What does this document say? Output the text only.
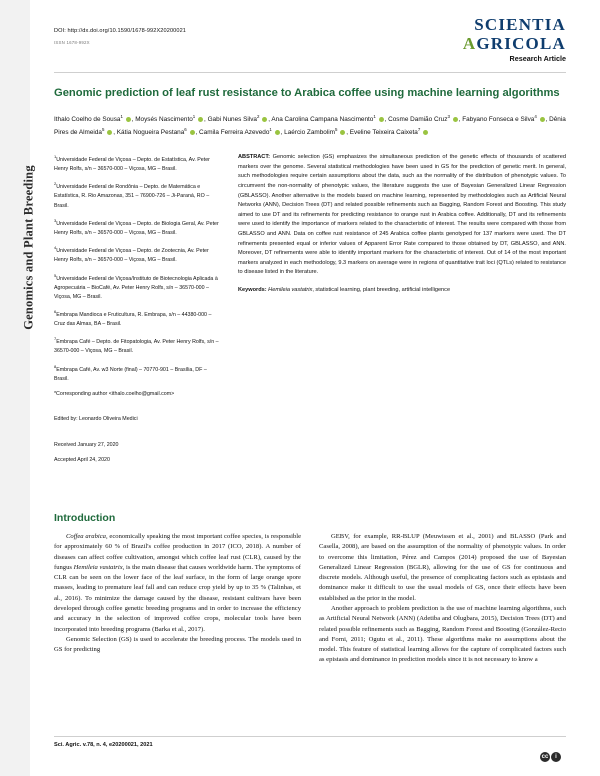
Genomics and Plant Breeding
DOI: http://dx.doi.org/10.1590/1678-992X20200021
ISSN 1678-992X
SCIENTIA
AGRICOLA
Research Article
Genomic prediction of leaf rust resistance to Arabica coffee using machine learning algorithms
Ithalo Coelho de Sousa$^1$ , Moysés Nascimento$^1$ , Gabi Nunes Silva$^2$ , Ana Carolina Campana Nascimento$^1$ , Cosme Damião Cruz$^3$ , Fabyano Fonseca e Silva$^4$ , Dênia Pires de Almeida$^5$ , Kátia Nogueira Pestana$^6$ , Camila Ferreira Azevedo$^1$ , Laércio Zambolim$^5$ , Eveline Teixeira Caixeta$^7$

$^1$Universidade Federal de Viçosa – Depto. de Estatística, Av. Peter Henry Rolfs, s/n – 36570-000 – Viçosa, MG – Brasil.

$^2$Universidade Federal de Rondônia – Depto. de Matemática e Estatística, R. Rio Amazonas, 351 – 76900-726 – Ji-Paraná, RO – Brasil.

$^3$Universidade Federal de Viçosa – Depto. de Biologia Geral, Av. Peter Henry Rolfs, s/n – 36570-000 – Viçosa, MG – Brasil.

$^4$Universidade Federal de Viçosa – Depto. de Zootecnia, Av. Peter Henry Rolfs, s/n – 36570-000 – Viçosa, MG – Brasil.

$^5$Universidade Federal de Viçosa/Instituto de Biotecnologia Aplicada à Agropecuária – BioCafé, Av. Peter Henry Rolfs, s/n – 36570-000 – Viçosa, MG – Brasil.

$^6$Embrapa Mandioca e Fruticultura, R. Embrapa, s/n – 44380-000 – Cruz das Almas, BA – Brasil.

$^7$Embrapa Café – Depto. de Fitopatologia, Av. Peter Henry Rolfs, s/n – 36570-000 – Viçosa, MG – Brasil.

$^8$Embrapa Café, Av. w3 Norte (final) – 70770-901 – Brasília, DF – Brasil.

*Corresponding author <ithalo.coelho@gmail.com>

Edited by: Leonardo Oliveira Medici

Received January 27, 2020

Accepted April 24, 2020

ABSTRACT: Genomic selection (GS) emphasizes the simultaneous prediction of the genetic effects of thousands of scattered markers over the genome. Several statistical methodologies have been used in GS for the prediction of genetic merit. In general, such methodologies require certain assumptions about the data, such as the normality of the distribution of phenotypic values. To circumvent the non-normality of phenotypic values, the literature suggests the use of Bayesian Generalized Linear Regression (GBLASSO). Another alternative is the models based on machine learning, represented by methodologies such as Artificial Neural Networks (ANN), Decision Trees (DT) and related possible refinements such as Bagging, Random Forest and Boosting. This study aimed to use DT and its refinements for predicting resistance to orange rust in Arabica coffee. Additionally, DT and its refinements were used to identify the importance of markers related to the characteristic of interest. The results were compared with those from GBLASSO and ANN. Data on coffee rust resistance of 245 Arabica coffee plants genotyped for 137 markers were used. The DT refinements presented equal or inferior values of Apparent Error Rate compared to those obtained by DT, GBLASSO, and ANN. Moreover, DT refinements were able to identify important markers for the characteristic of interest. Out of 14 of the most important markers analyzed in each methodology, 9.3 markers on average were in regions of quantitative trait loci (QTLs) related to resistance to disease listed in the literature.
Keywords: Hemileia vastatrix, statistical learning, plant breeding, artificial intelligence
Introduction

Coffea arabica, economically speaking the most important coffee species, is responsible for approximately 60 % of Brazil's coffee production in 2017 (ICO, 2018). A number of diseases can affect coffee cultivation, amongst which coffee leaf rust (CLR), caused by the fungus Hemileia vastatrix, is the main disease that causes worldwide harm. The symptoms of CLR can be seen on the lower face of the leaf surface, in the form of large orange spore masses, leading to premature leaf fall and can reduce crop yield by up to 35 % (Talinhas, et al., 2016). To minimize the damage caused by the disease, resistant cultivars have been developed through coffee genetic breeding programs and in order to increase the efficiency and accuracy in the selection of improved coffee crops, molecular tools have been incorporated into breeding programs (Barka et al., 2017).

Genomic Selection (GS) is used to accelerate the breeding process. The models used in GS for predicting

GEBV, for example, RR-BLUP (Meuwissen et al., 2001) and BLASSO (Park and Casella, 2008), are based on the assumption of the normality of phenotypic values. In order to overcome this limitation, Pérez and Campos (2014) proposed the use of Bayesian Generalized Linear Regression (BGLR), allowing for the use of GS for continuous and discrete models. Although useful, the presence of complicating factors such as epistasis and dominance make it difficult to use the usual models of GS, once their effects have been established as the prior in the model.

Another approach to problem prediction is the use of machine learning algorithms, such as Artificial Neural Network (ANN) (Adetiba and Olugbara, 2015), Decision Trees (DT) and related possible refinements such as Bagging, Random Forest and Boosting (González-Recio and Forni, 2011; Ogutu et al., 2011). These algorithms make no assumptions about the model. This feature of statistical learning allows for the capture of complicated factors such as epistasis and dominance in prediction models since it is not necessary to know a

Sci. Agric. v.78, n. 4, e20200021, 2021
cc	i
